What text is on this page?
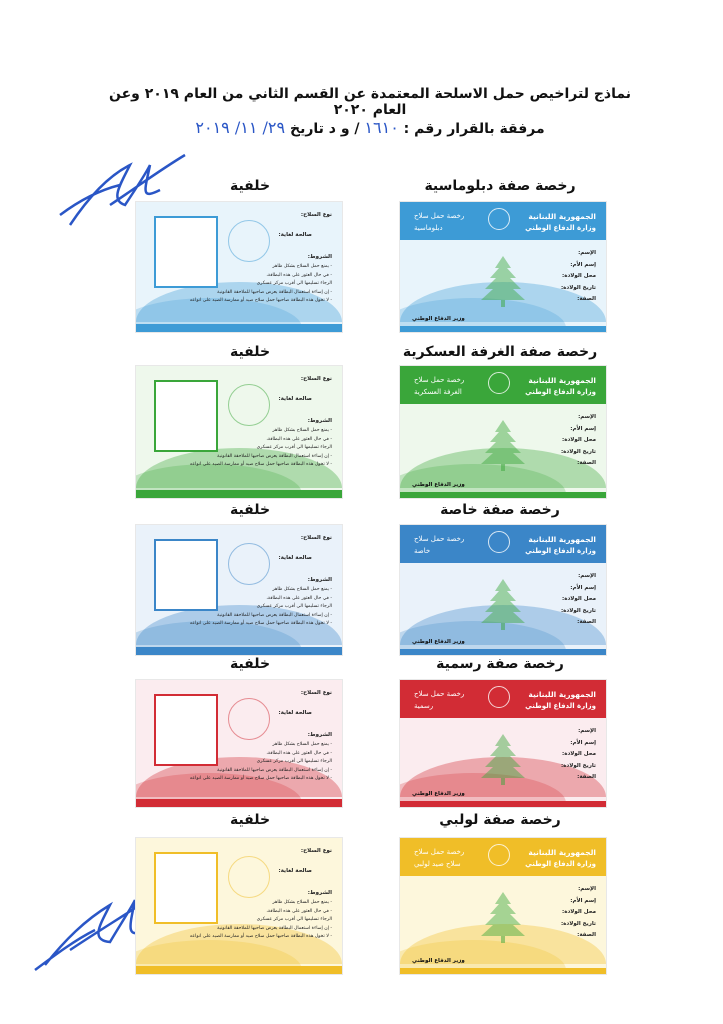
نماذج لتراخيص حمل الاسلحة المعتمدة عن القسم الثاني من العام ٢٠١٩ وعن العام ٢٠٢٠
مرفقة بالقرار رقم : ١٦١٠ / و د تاريخ ٢٩/ ١١/ ٢٠١٩
رخصة صفة دبلوماسية
خلفية
رخصة صفة الغرفة العسكرية
خلفية
رخصة صفة خاصة
خلفية
رخصة صفة رسمية
خلفية
رخصة صفة لولبي
خلفية
الجمهورية اللبنانية
وزارة الدفاع الوطني
رخصة حمل سلاح
دبلوماسية
الإسم:
إسم الأم:
محل الولادة:
تاريخ الولادة:
الصفة:
وزير الدفاع الوطني
نوع السلاح:
صالحة لغاية:
الشروط:
- يمنع حمل السلاح بشكل ظاهر
- في حال العثور على هذه البطاقة،
الرجاء تسليمها الى أقرب مركز عسكري
- إن إساءة استعمال البطاقة يعرض صاحبها للملاحقة القانونية
- لا تخول هذه البطاقة صاحبها حمل سلاح صيد أو ممارسة الصيد على انواعه
الجمهورية اللبنانية
وزارة الدفاع الوطني
رخصة حمل سلاح
الغرفة العسكرية
الإسم:
إسم الأم:
محل الولادة:
تاريخ الولادة:
الصفة:
وزير الدفاع الوطني
نوع السلاح:
صالحة لغاية:
الشروط:
- يمنع حمل السلاح بشكل ظاهر
- في حال العثور على هذه البطاقة،
الرجاء تسليمها الى أقرب مركز عسكري
- إن إساءة استعمال البطاقة يعرض صاحبها للملاحقة القانونية
- لا تخول هذه البطاقة صاحبها حمل سلاح صيد أو ممارسة الصيد على انواعه
الجمهورية اللبنانية
وزارة الدفاع الوطني
رخصة حمل سلاح
خاصة
الإسم:
إسم الأم:
محل الولادة:
تاريخ الولادة:
الصفة:
وزير الدفاع الوطني
نوع السلاح:
صالحة لغاية:
الشروط:
- يمنع حمل السلاح بشكل ظاهر
- في حال العثور على هذه البطاقة،
الرجاء تسليمها الى أقرب مركز عسكري
- إن إساءة استعمال البطاقة يعرض صاحبها للملاحقة القانونية
- لا تخول هذه البطاقة صاحبها حمل سلاح صيد أو ممارسة الصيد على انواعه
الجمهورية اللبنانية
وزارة الدفاع الوطني
رخصة حمل سلاح
رسمية
الإسم:
إسم الأم:
محل الولادة:
تاريخ الولادة:
الصفة:
وزير الدفاع الوطني
نوع السلاح:
صالحة لغاية:
الشروط:
- يمنع حمل السلاح بشكل ظاهر
- في حال العثور على هذه البطاقة،
الرجاء تسليمها الى أقرب مركز عسكري
- إن إساءة استعمال البطاقة يعرض صاحبها للملاحقة القانونية
- لا تخول هذه البطاقة صاحبها حمل سلاح صيد أو ممارسة الصيد على انواعه
الجمهورية اللبنانية
وزارة الدفاع الوطني
رخصة حمل سلاح
سلاح صيد لولبي
الإسم:
إسم الأم:
محل الولادة:
تاريخ الولادة:
الصفة:
وزير الدفاع الوطني
نوع السلاح:
صالحة لغاية:
الشروط:
- يمنع حمل السلاح بشكل ظاهر
- في حال العثور على هذه البطاقة،
الرجاء تسليمها الى أقرب مركز عسكري
- إن إساءة استعمال البطاقة يعرض صاحبها للملاحقة القانونية
- لا تخول هذه البطاقة صاحبها حمل سلاح صيد أو ممارسة الصيد على انواعه
